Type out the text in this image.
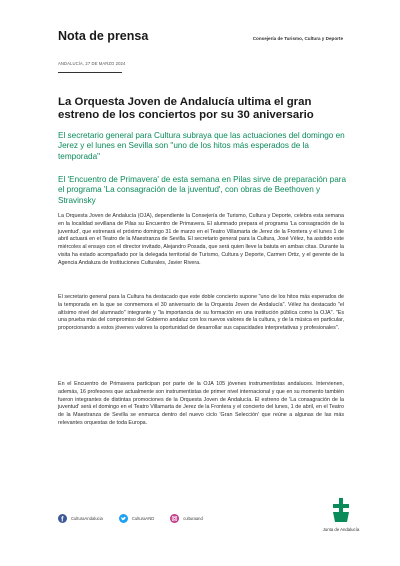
Nota de prensa	Consejería de Turismo, Cultura y Deporte
ANDALUCÍA, 27 DE MARZO 2024
La Orquesta Joven de Andalucía ultima el gran estreno de los conciertos por su 30 aniversario
El secretario general para Cultura subraya que las actuaciones del domingo en Jerez y el lunes en Sevilla son "uno de los hitos más esperados de la temporada"
El 'Encuentro de Primavera' de esta semana en Pilas sirve de preparación para el programa 'La consagración de la juventud', con obras de Beethoven y Stravinsky

La Orquesta Joven de Andalucía (OJA), dependiente la Consejería de Turismo, Cultura y Deporte, celebra esta semana en la localidad sevillana de Pilas su Encuentro de Primavera. El alumnado prepara el programa 'La consagración de la juventud', que estrenará el próximo domingo 31 de marzo en el Teatro Villamarta de Jerez de la Frontera y el lunes 1 de abril actuará en el Teatro de la Maestranza de Sevilla. El secretario general para la Cultura, José Vélez, ha asistido este miércoles al ensayo con el director invitado, Alejandro Posada, que será quien lleve la batuta en ambas citas. Durante la visita ha estado acompañado por la delegada territorial de Turismo, Cultura y Deporte, Carmen Ortiz, y el gerente de la Agencia Andaluza de Instituciones Culturales, Javier Rivera.

El secretario general para la Cultura ha destacado que este doble concierto supone "uno de los hitos más esperados de la temporada en la que se conmemora el 30 aniversario de la Orquesta Joven de Andalucía". Vélez ha destacado "el altísimo nivel del alumnado" integrante y "la importancia de su formación en una institución pública como la OJA". "Es una prueba más del compromiso del Gobierno andaluz con los nuevos valores de la cultura, y de la música en particular, proporcionando a estos jóvenes valores la oportunidad de desarrollar sus capacidades interpretativas y profesionales".

En el Encuentro de Primavera participan por parte de la OJA 105 jóvenes instrumentistas andaluces. Intervienen, además, 16 profesores que actualmente son instrumentistas de primer nivel internacional y que en su momento también fueron integrantes de distintas promociones de la Orquesta Joven de Andalucía. El estreno de 'La consagración de la juventud' será el domingo en el Teatro Villamarta de Jerez de la Frontera y el concierto del lunes, 1 de abril, en el Teatro de la Maestranza de Sevilla se enmarca dentro del nuevo ciclo 'Gran Selección' que reúne a algunas de las más relevantes orquestas de toda Europa.

f CulturaAndalucia	CulturaAND	culturaand
Junta de Andalucía
